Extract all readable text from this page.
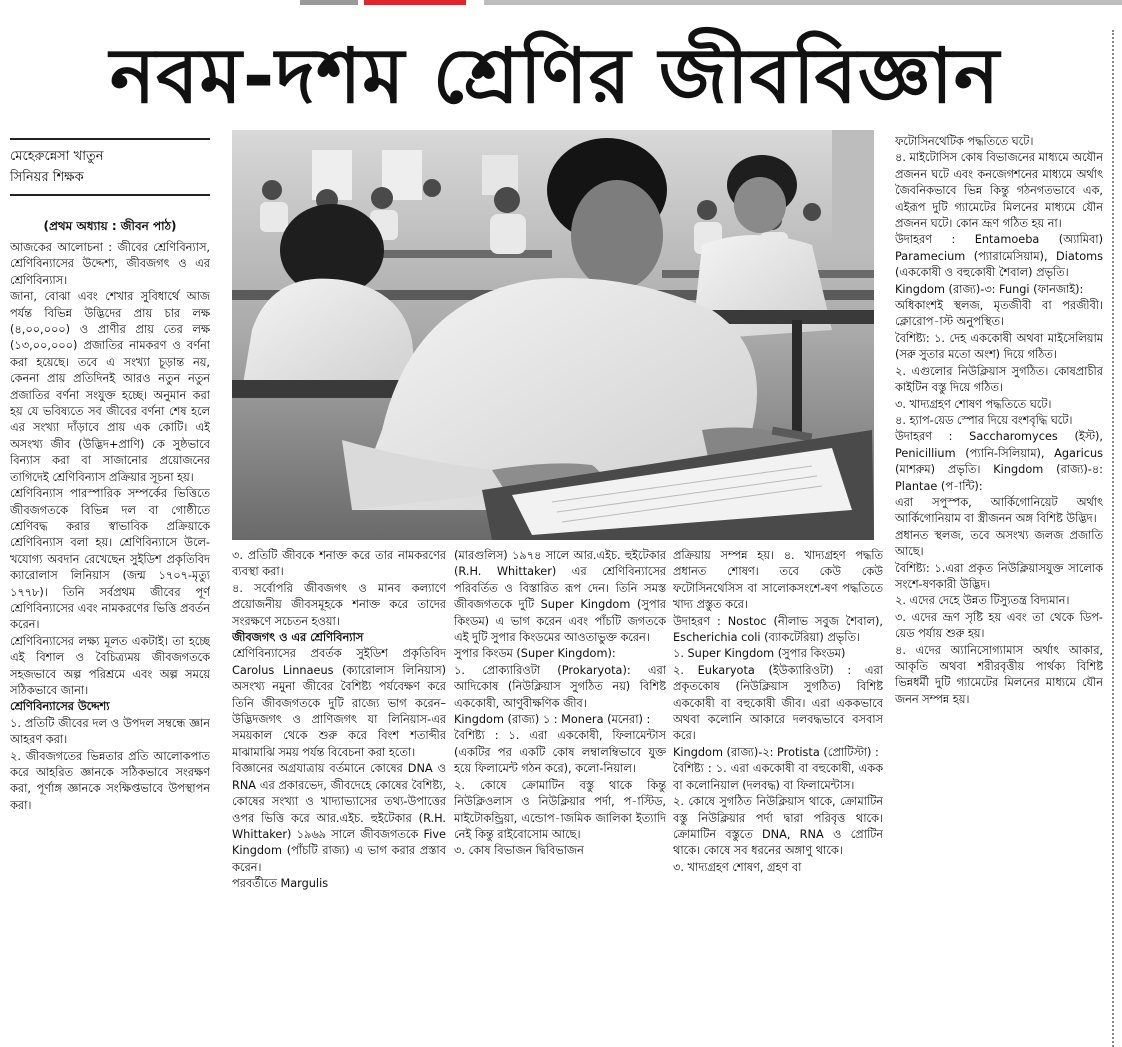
নবম-দশম শ্রেণির জীববিজ্ঞান
মেহেরুন্নেসা খাতুন
সিনিয়র শিক্ষক
(প্রথম অধ্যায় : জীবন পাঠ)

আজকের আলোচনা : জীবের শ্রেণিবিন্যাস, শ্রেণিবিন্যাসের উদ্দেশ্য, জীবজগৎ ও এর শ্রেণিবিন্যাস।

জানা, বোঝা এবং শেখার সুবিধার্থে আজ পর্যন্ত বিভিন্ন উদ্ভিদের প্রায় চার লক্ষ (৪,০০,০০০) ও প্রাণীর প্রায় তের লক্ষ (১৩,০০,০০০) প্রজাতির নামকরণ ও বর্ণনা করা হয়েছে। তবে এ সংখ্যা চূড়ান্ত নয়, কেননা প্রায় প্রতিদিনই আরও নতুন নতুন প্রজাতির বর্ণনা সংযুক্ত হচ্ছে। অনুমান করা হয় যে ভবিষ্যতে সব জীবের বর্ণনা শেষ হলে এর সংখ্যা দাঁড়াবে প্রায় এক কোটি। এই অসংখ্য জীব (উদ্ভিদ+প্রাণি) কে সুষ্ঠভাবে বিন্যাস করা বা সাজানোর প্রয়োজনের তাগিদেই শ্রেণিবিন্যাস প্রক্রিয়ার সূচনা হয়।

শ্রেণিবিন্যাস পারস্পারিক সম্পর্কের ভিত্তিতে জীবজগতকে বিভিন্ন দল বা গোষ্ঠীতে শ্রেণিবদ্ধ করার স্বাভাবিক প্রক্রিয়াকে শ্রেণিবিন্যাস বলা হয়। শ্রেণিবিন্যাসে উলে-খযোগ্য অবদান রেখেছেন সুইডিশ প্রকৃতিবিদ ক্যারোলাস লিনিয়াস (জন্ম ১৭০৭-মৃত্যু ১৭৭৮)। তিনি সর্বপ্রথম জীবের পূর্ণ শ্রেণিবিন্যাসের এবং নামকরণের ভিত্তি প্রবর্তন করেন।

শ্রেণিবিন্যাসের লক্ষ্য মূলত একটাই। তা হচ্ছে এই বিশাল ও বৈচিত্র্যময় জীবজগতকে সহজভাবে অল্প পরিশ্রমে এবং অল্প সময়ে সঠিকভাবে জানা।

শ্রেণিবিন্যাসের উদ্দেশ্য

১. প্রতিটি জীবের দল ও উপদল সম্বন্ধে জ্ঞান আহরণ করা।

২. জীবজগতের ভিন্নতার প্রতি আলোকপাত করে আহরিত জ্ঞানকে সঠিকভাবে সংরক্ষণ করা, পূর্ণাঙ্গ জ্ঞানকে সংক্ষিপ্তভাবে উপস্থাপন করা।

৩. প্রতিটি জীবকে শনাক্ত করে তার নামকরণের ব্যবস্থা করা।

৪. সর্বোপরি জীবজগৎ ও মানব কল্যাণে প্রয়োজনীয় জীবসমূহকে শনাক্ত করে তাদের সংরক্ষণে সচেতন হওয়া।

জীবজগৎ ও এর শ্রেণিবিন্যাস

শ্রেণিবিন্যাসের প্রবর্তক সুইডিশ প্রকৃতিবিদ Carolus Linnaeus (ক্যারোলাস লিনিয়াস) অসংখ্য নমুনা জীবের বৈশিষ্ট্য পর্যবেক্ষণ করে তিনি জীবজগতকে দুটি রাজ্যে ভাগ করেন–উদ্ভিদজগৎ ও প্রাণিজগৎ যা লিনিয়াস-এর সময়কাল থেকে শুরু করে বিংশ শতাব্দীর মাঝামাঝি সময় পর্যন্ত বিবেচনা করা হতো।

বিজ্ঞানের অগ্রযাত্রায় বর্তমানে কোষের DNA ও RNA এর প্রকারভেদ, জীবদেহে কোষের বৈশিষ্ট্য, কোষের সংখ্যা ও খাদ্যাভ্যাসের তথ্য-উপাত্তের ওপর ভিত্তি করে আর.এইচ. হুইটেকার (R.H. Whittaker) ১৯৬৯ সালে জীবজগতকে Five Kingdom (পাঁচটি রাজ্য) এ ভাগ করার প্রস্তাব করেন।

পরবর্তীতে Margulis

(মারগুলিস) ১৯৭৪ সালে আর.এইচ. হুইটেকার (R.H. Whittaker) এর শ্রেণিবিন্যাসের পরিবর্তিত ও বিস্তারিত রূপ দেন। তিনি সমস্ত জীবজগতকে দুটি Super Kingdom (সুপার কিংডম) এ ভাগ করেন এবং পাঁচটি জগতকে এই দুটি সুপার কিংডমের আওতাভুক্ত করেন।

সুপার কিংডম (Super Kingdom):

১. প্রোক্যারিওটা (Prokaryota): এরা আদিকোষ (নিউক্লিয়াস সুগঠিত নয়) বিশিষ্ট এককোষী, আণুবীক্ষণিক জীব।

Kingdom (রাজ্য) ১ : Monera (মনেরা) :

বৈশিষ্ট্য : ১. এরা এককোষী, ফিলামেন্টাস (একটির পর একটি কোষ লম্বালম্বিভাবে যুক্ত হয়ে ফিলামেন্ট গঠন করে), কলো-নিয়াল।

২. কোষে ক্রোমাটিন বস্তু থাকে কিন্তু নিউক্লিওলাস ও নিউক্লিয়ার পর্দা, প-াস্টিড, মাইটোকন্ড্রিয়া, এন্ডোপ-াজমিক জালিকা ইত্যাদি নেই কিন্তু রাইবোসোম আছে।

৩. কোষ বিভাজন দ্বিবিভাজন

প্রক্রিয়ায় সম্পন্ন হয়। ৪. খাদ্যগ্রহণ পদ্ধতি প্রধানত শোষণ। তবে কেউ কেউ ফটোসিনথেসিস বা সালোকসংশে-ষণ পদ্ধতিতে খাদ্য প্রস্তুত করে।

উদাহরণ : Nostoc (নীলাভ সবুজ শৈবাল), Escherichia coli (ব্যাকটেরিয়া) প্রভৃতি।

১. Super Kingdom (সুপার কিংডম)

২. Eukaryota (ইউক্যারিওটা) : এরা প্রকৃতকোষ (নিউক্লিয়াস সুগঠিত) বিশিষ্ট এককোষী বা বহুকোষী জীব। এরা এককভাবে অথবা কলোনি আকারে দলবদ্ধভাবে বসবাস করে।

Kingdom (রাজ্য)-২: Protista (প্রোটিস্টা) :

বৈশিষ্ট্য : ১. এরা এককোষী বা বহুকোষী, একক বা কলোনিয়াল (দলবদ্ধ) বা ফিলামেন্টাস।

২. কোষে সুগঠিত নিউক্লিয়াস থাকে, ক্রোমাটিন বস্তু নিউক্লিয়ার পর্দা দ্বারা পরিবৃত্ত থাকে। ক্রোমাটিন বস্তুতে DNA, RNA ও প্রোটিন থাকে। কোষে সব ধরনের অঙ্গাণু থাকে।

৩. খাদ্যগ্রহণ শোষণ, গ্রহণ বা

ফটোসিনথেটিক পদ্ধতিতে ঘটে।

৪. মাইটোসিস কোষ বিভাজনের মাধ্যমে অযৌন প্রজনন ঘটে এবং কনজেগশনের মাধ্যমে অর্থাৎ জৈবনিকভাবে ভিন্ন কিন্তু গঠনগতভাবে এক, এইরূপ দুটি গ্যামেটের মিলনের মাধ্যমে যৌন প্রজনন ঘটে। কোন ভ্রূণ গঠিত হয় না।

উদাহরণ : Entamoeba (অ্যামিবা) Paramecium (প্যারামেসিয়াম), Diatoms (এককোষী ও বহুকোষী শৈবাল) প্রভৃতি।

Kingdom (রাজ্য)-৩: Fungi (ফানজাই):

অধিকাংশই স্থলজ, মৃতজীবী বা পরজীবী। ক্লোরোপ-াস্ট অনুপস্থিত।

বৈশিষ্ট্য: ১. দেহ এককোষী অথবা মাইসেলিয়াম (সরু সুতার মতো অংশ) দিয়ে গঠিত।

২. এগুলোর নিউক্লিয়াস সুগঠিত। কোষপ্রাচীর কাইটিন বস্তু দিয়ে গঠিত।

৩. খাদ্যগ্রহণ শোষণ পদ্ধতিতে ঘটে।

৪. হ্যাপ-য়েড স্পোর দিয়ে বংশবৃদ্ধি ঘটে।

উদাহরণ : Saccharomyces (ইস্ট), Penicillium (প্যানি-সিলিয়াম), Agaricus (মাশরুম) প্রভৃতি। Kingdom (রাজ্য)-৪: Plantae (প-ান্টি):

এরা সপুস্পক, আর্কিগোনিয়েট অর্থাৎ আর্কিগোনিয়াম বা স্ত্রীজনন অঙ্গ বিশিষ্ট উদ্ভিদ।

প্রধানত স্থলজ, তবে অসংখ্য জলজ প্রজাতি আছে।

বৈশিষ্ট্য: ১.এরা প্রকৃত নিউক্লিয়াসযুক্ত সালোক সংশে-ষণকারী উদ্ভিদ।

২. এদের দেহে উন্নত টিস্যুতন্ত্র বিদ্যমান।

৩. এদের ভ্রূণ সৃষ্টি হয় এবং তা থেকে ডিপ-য়েড পর্যায় শুরু হয়।

৪. এদের অ্যানিসোগ্যামাস অর্থাৎ আকার, আকৃতি অথবা শরীরবৃত্তীয় পার্থক্য বিশিষ্ট ভিন্নধর্মী দুটি গ্যামেটের মিলনের মাধ্যমে যৌন জনন সম্পন্ন হয়।
